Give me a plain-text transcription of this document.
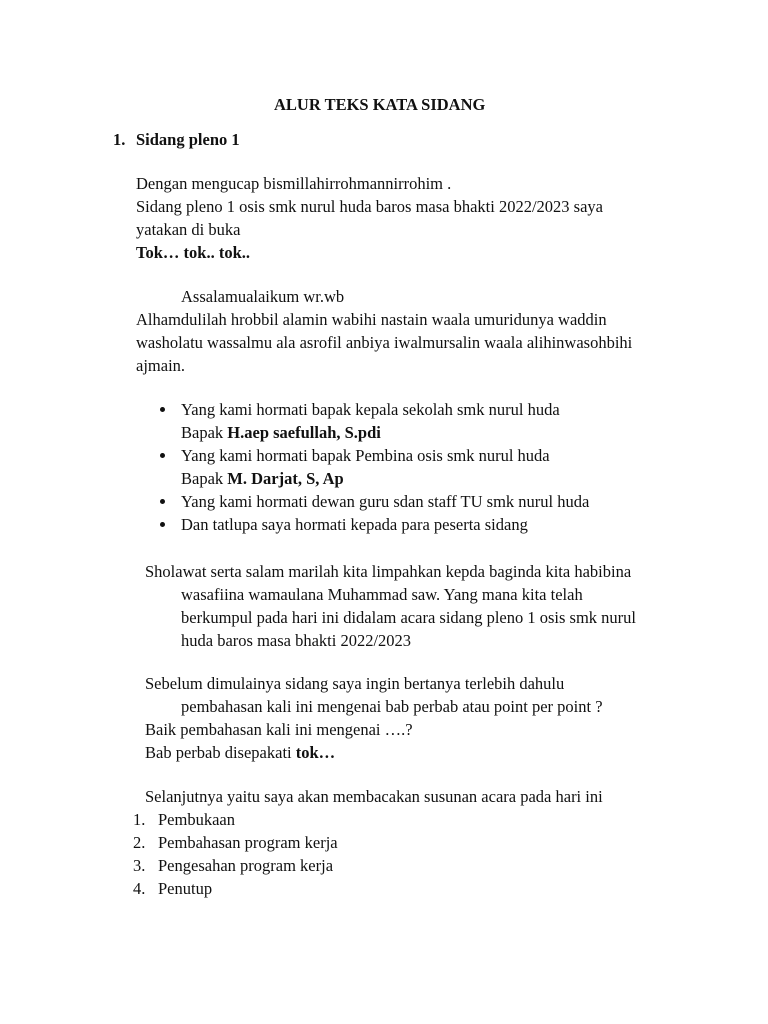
ALUR TEKS KATA SIDANG
1. Sidang pleno 1
Dengan mengucap bismillahirrohmannirrohim .
Sidang pleno 1 osis smk nurul huda baros masa bhakti 2022/2023 saya
yatakan di buka
Tok… tok.. tok..
Assalamualaikum wr.wb
Alhamdulilah hrobbil alamin wabihi nastain waala umuridunya waddin
washolatu wassalmu ala asrofil anbiya iwalmursalin waala alihinwasohbihi
ajmain.
Yang kami hormati bapak kepala sekolah smk nurul huda
Bapak H.aep saefullah, S.pdi
Yang kami hormati bapak Pembina osis smk nurul huda
Bapak M. Darjat, S, Ap
Yang kami hormati dewan guru sdan staff TU smk nurul huda
Dan tatlupa saya hormati kepada para peserta sidang
Sholawat serta salam marilah kita limpahkan kepda baginda kita habibina
wasafiina wamaulana Muhammad saw. Yang mana kita telah
berkumpul pada hari ini didalam acara sidang pleno 1 osis smk nurul
huda baros masa bhakti 2022/2023
Sebelum dimulainya sidang saya ingin bertanya terlebih dahulu
pembahasan kali ini mengenai bab perbab atau point per point ?
Baik pembahasan kali ini mengenai ….?
Bab perbab disepakati tok…
Selanjutnya yaitu saya akan membacakan susunan acara pada hari ini
1. Pembukaan
2. Pembahasan program kerja
3. Pengesahan program kerja
4. Penutup
